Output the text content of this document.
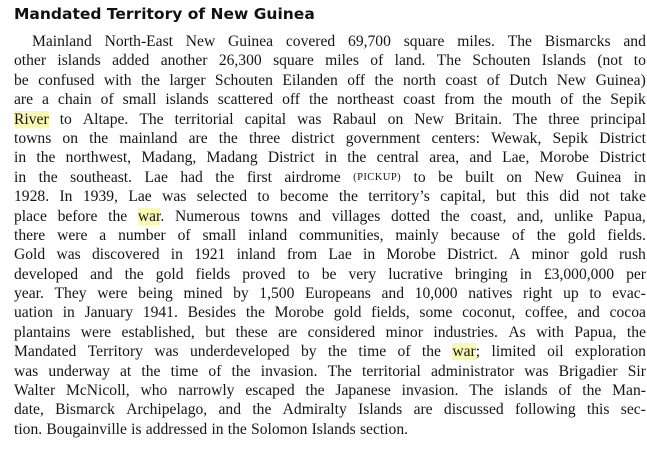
Mandated Territory of New Guinea
Mainland North-East New Guinea covered 69,700 square miles. The Bismarcks and
other islands added another 26,300 square miles of land. The Schouten Islands (not to
be confused with the larger Schouten Eilanden off the north coast of Dutch New Guinea)
are a chain of small islands scattered off the northeast coast from the mouth of the Sepik
River to Altape. The territorial capital was Rabaul on New Britain. The three principal
towns on the mainland are the three district government centers: Wewak, Sepik District
in the northwest, Madang, Madang District in the central area, and Lae, Morobe District
in the southeast. Lae had the first airdrome (PICKUP) to be built on New Guinea in
1928. In 1939, Lae was selected to become the territory’s capital, but this did not take
place before the war. Numerous towns and villages dotted the coast, and, unlike Papua,
there were a number of small inland communities, mainly because of the gold fields.
Gold was discovered in 1921 inland from Lae in Morobe District. A minor gold rush
developed and the gold fields proved to be very lucrative bringing in £3,000,000 per
year. They were being mined by 1,500 Europeans and 10,000 natives right up to evac-
uation in January 1941. Besides the Morobe gold fields, some coconut, coffee, and cocoa
plantains were established, but these are considered minor industries. As with Papua, the
Mandated Territory was underdeveloped by the time of the war; limited oil exploration
was underway at the time of the invasion. The territorial administrator was Brigadier Sir
Walter McNicoll, who narrowly escaped the Japanese invasion. The islands of the Man-
date, Bismarck Archipelago, and the Admiralty Islands are discussed following this sec-
tion. Bougainville is addressed in the Solomon Islands section.
